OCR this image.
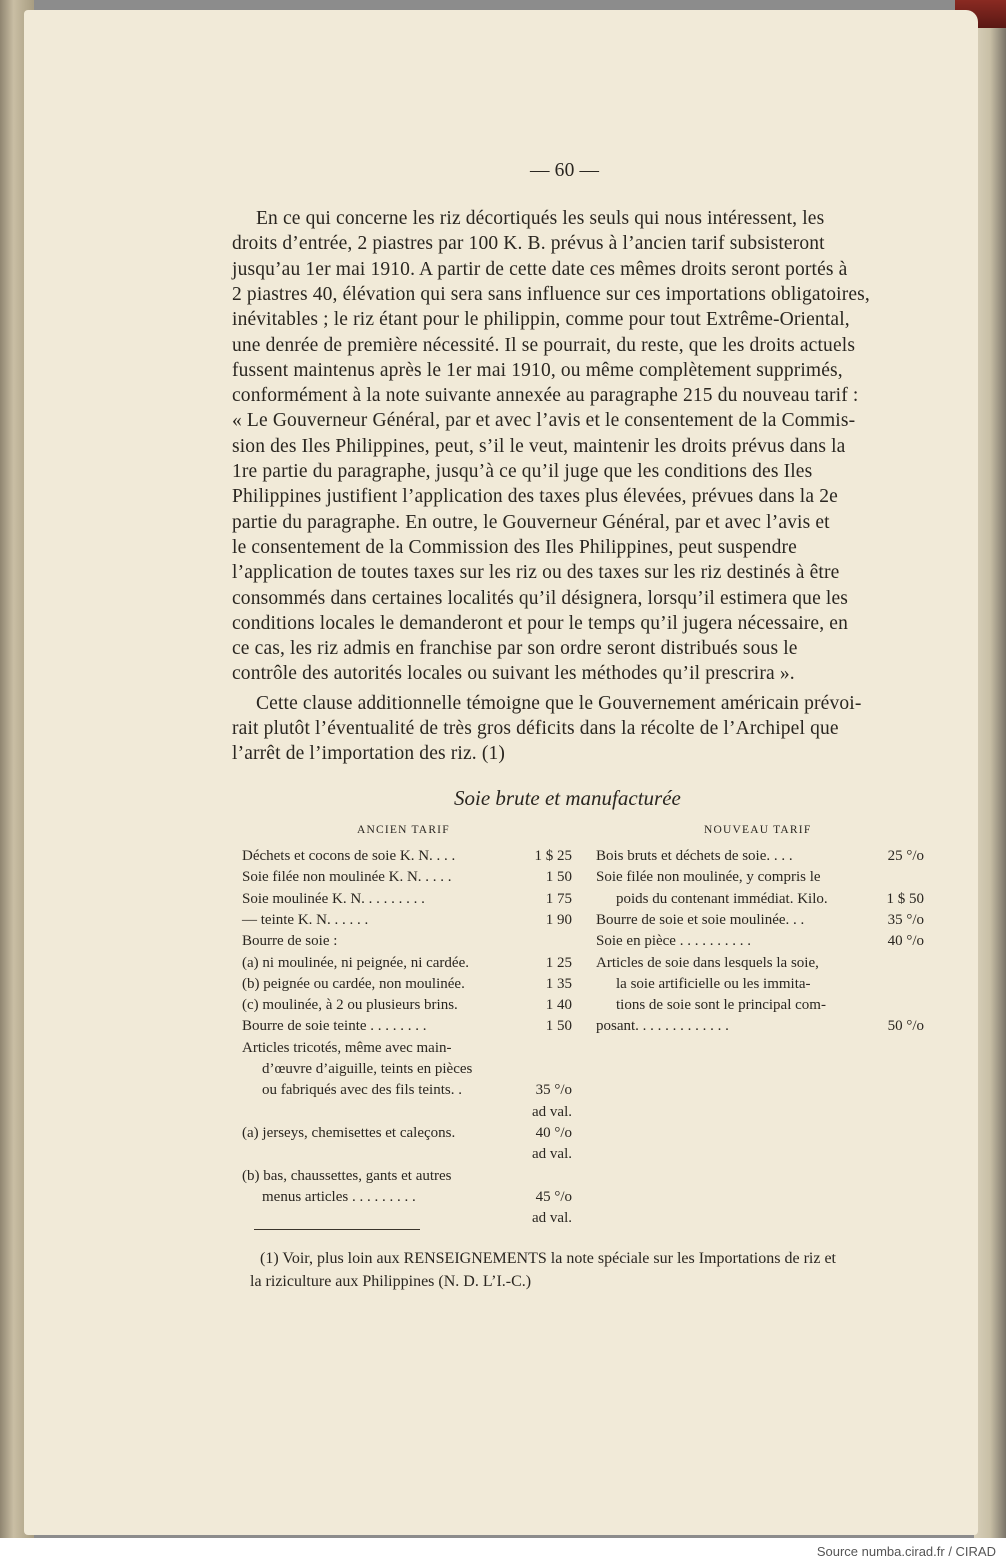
— 60 —
En ce qui concerne les riz décortiqués les seuls qui nous intéressent, les
droits d’entrée, 2 piastres par 100 K. B. prévus à l’ancien tarif subsisteront
jusqu’au 1er mai 1910. A partir de cette date ces mêmes droits seront portés à
2 piastres 40, élévation qui sera sans influence sur ces importations obligatoires,
inévitables ; le riz étant pour le philippin, comme pour tout Extrême-Oriental,
une denrée de première nécessité. Il se pourrait, du reste, que les droits actuels
fussent maintenus après le 1er mai 1910, ou même complètement supprimés,
conformément à la note suivante annexée au paragraphe 215 du nouveau tarif :
« Le Gouverneur Général, par et avec l’avis et le consentement de la Commis-
sion des Iles Philippines, peut, s’il le veut, maintenir les droits prévus dans la
1re partie du paragraphe, jusqu’à ce qu’il juge que les conditions des Iles
Philippines justifient l’application des taxes plus élevées, prévues dans la 2e
partie du paragraphe. En outre, le Gouverneur Général, par et avec l’avis et
le consentement de la Commission des Iles Philippines, peut suspendre
l’application de toutes taxes sur les riz ou des taxes sur les riz destinés à être
consommés dans certaines localités qu’il désignera, lorsqu’il estimera que les
conditions locales le demanderont et pour le temps qu’il jugera nécessaire, en
ce cas, les riz admis en franchise par son ordre seront distribués sous le
contrôle des autorités locales ou suivant les méthodes qu’il prescrira ».
Cette clause additionnelle témoigne que le Gouvernement américain prévoi-
rait plutôt l’éventualité de très gros déficits dans la récolte de l’Archipel que
l’arrêt de l’importation des riz. (1)
Soie brute et manufacturée
ANCIEN TARIF	NOUVEAU TARIF
Déchets et cocons de soie K. N. . . .	1 $ 25
Soie filée non moulinée K. N. . . . .	1 50
Soie moulinée K. N. . . . . . . . .	1 75
— teinte K. N. . . . . .	1 90
Bourre de soie :
(a) ni moulinée, ni peignée, ni cardée.	1 25
(b) peignée ou cardée, non moulinée.	1 35
(c) moulinée, à 2 ou plusieurs brins.	1 40
Bourre de soie teinte . . . . . . . .	1 50
Articles tricotés, même avec main-
d’œuvre d’aiguille, teints en pièces
ou fabriqués avec des fils teints. .	35 °/o
ad val.
(a) jerseys, chemisettes et caleçons.	40 °/o
ad val.
(b) bas, chaussettes, gants et autres
menus articles . . . . . . . . .	45 °/o
ad val.
Bois bruts et déchets de soie. . . .	25 °/o
Soie filée non moulinée, y compris le
poids du contenant immédiat. Kilo.	1 $ 50
Bourre de soie et soie moulinée. . .	35 °/o
Soie en pièce . . . . . . . . . .	40 °/o
Articles de soie dans lesquels la soie,
la soie artificielle ou les immita-
tions de soie sont le principal com-
posant. . . . . . . . . . . . .	50 °/o
(1) Voir, plus loin aux RENSEIGNEMENTS la note spéciale sur les Importations de riz et
la riziculture aux Philippines (N. D. L’I.-C.)
Source numba.cirad.fr / CIRAD
